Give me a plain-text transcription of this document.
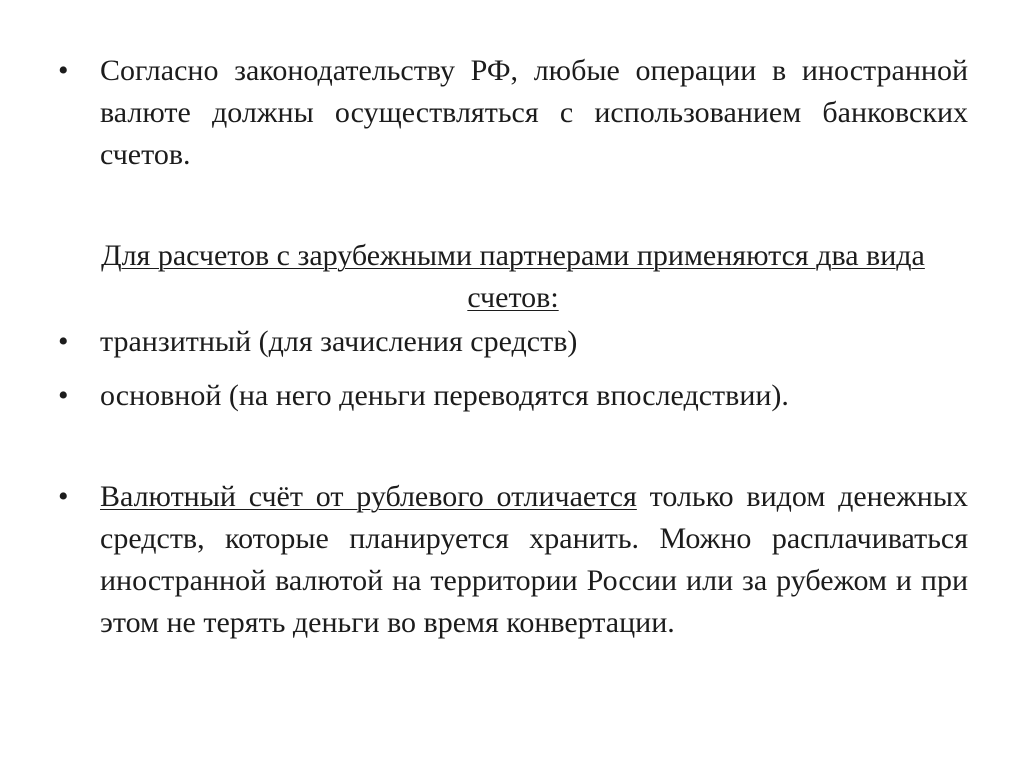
•	Согласно законодательству РФ, любые операции в иностранной валюте должны осуществляться с использованием банковских счетов.
Для расчетов с зарубежными партнерами применяются два вида счетов:
•	транзитный (для зачисления средств)
•	основной (на него деньги переводятся впоследствии).
•	Валютный счёт от рублевого отличается только видом денежных средств, которые планируется хранить. Можно расплачиваться иностранной валютой на территории России или за рубежом и при этом не терять деньги во время конвертации.
